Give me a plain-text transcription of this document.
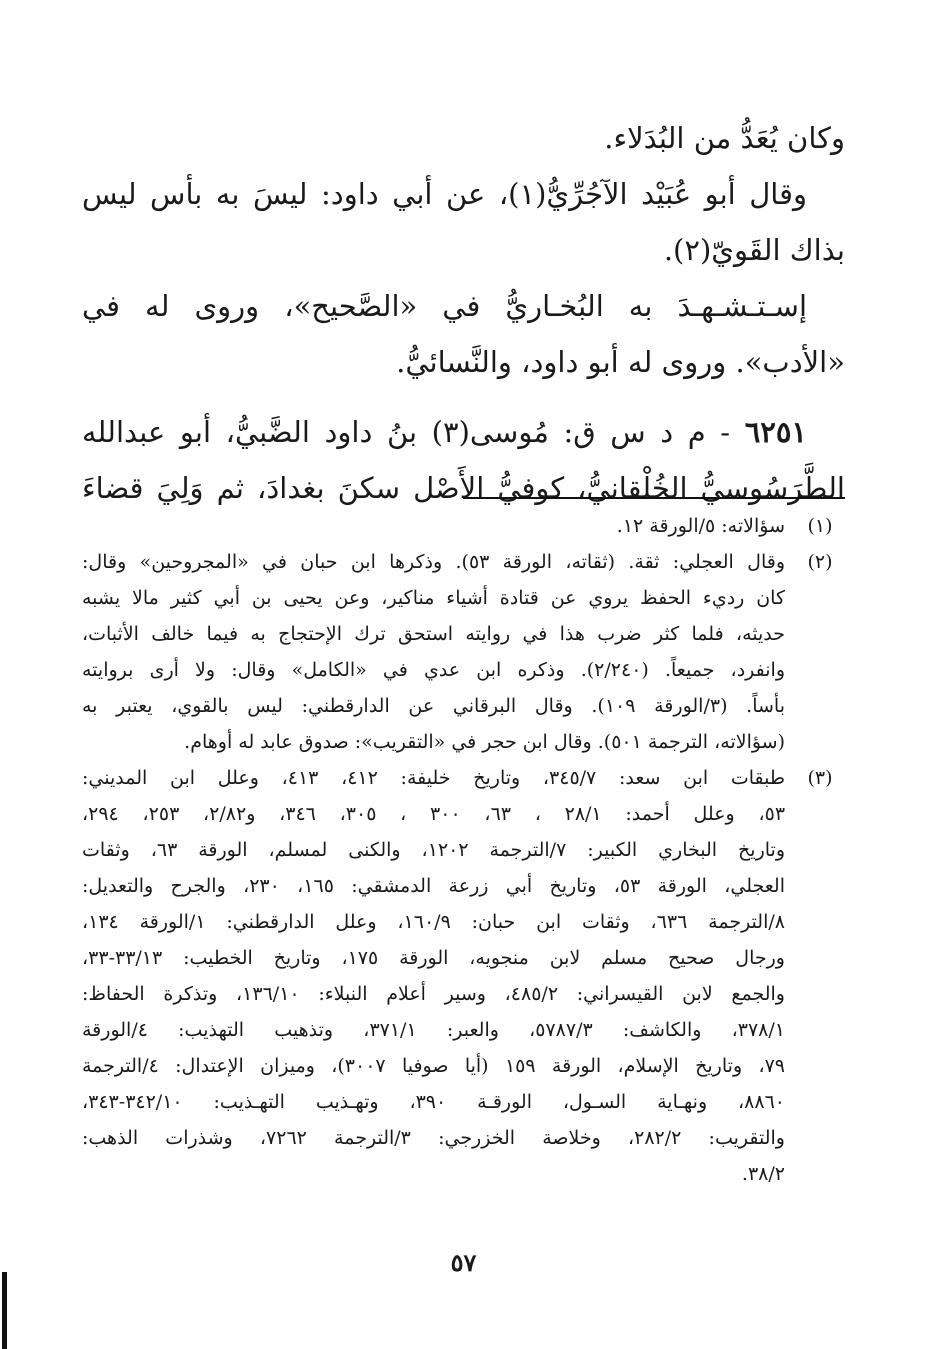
وكان يُعَدُّ من البُدَلاء.
وقال أبو عُبَيْد الآجُرِّيُّ(١)، عن أبي داود: ليسَ به بأس ليس
بذاك القَويّ(٢).
إسـتـشـهـدَ به البُخـاريُّ في «الصَّحيح»، وروى له في
«الأدب». وروى له أبو داود، والنَّسائيُّ.
٦٢٥١ - م د س ق: مُوسى(٣) بنُ داود الضَّبيُّ، أبو عبدالله
الطَّرَسُوسيُّ الخُلْقانيُّ، كوفيُّ الأَصْل سكنَ بغدادَ، ثم وَلِيَ قضاءَ
(١)
سؤالاته: ٥/الورقة ١٢.
(٢)
وقال العجلي: ثقة. (ثقاته، الورقة ٥٣). وذكرها ابن حبان في «المجروحين» وقال:
كان رديء الحفظ يروي عن قتادة أشياء مناكير، وعن يحيى بن أبي كثير مالا يشبه
حديثه، فلما كثر ضرب هذا في روايته استحق ترك الإحتجاج به فيما خالف الأثبات،
وانفرد، جميعاً. (٢/٢٤٠). وذكره ابن عدي في «الكامل» وقال: ولا أرى بروايته
بأساً. (٣/الورقة ١٠٩). وقال البرقاني عن الدارقطني: ليس بالقوي، يعتبر به
(سؤالاته، الترجمة ٥٠١). وقال ابن حجر في «التقريب»: صدوق عابد له أوهام.
(٣)
طبقات ابن سعد: ٣٤٥/٧، وتاريخ خليفة: ٤١٢، ٤١٣، وعلل ابن المديني:
٥٣، وعلل أحمد: ٢٨/١ ، ٦٣، ٣٠٠ ، ٣٠٥، ٣٤٦، و٢/٨٢، ٢٥٣، ٢٩٤،
وتاريخ البخاري الكبير: ٧/الترجمة ١٢٠٢، والكنى لمسلم، الورقة ٦٣، وثقات
العجلي، الورقة ٥٣، وتاريخ أبي زرعة الدمشقي: ١٦٥، ٢٣٠، والجرح والتعديل:
٨/الترجمة ٦٣٦، وثقات ابن حبان: ١٦٠/٩، وعلل الدارقطني: ١/الورقة ١٣٤،
ورجال صحيح مسلم لابن منجويه، الورقة ١٧٥، وتاريخ الخطيب: ٣٣/١٣-٣٣،
والجمع لابن القيسراني: ٤٨٥/٢، وسير أعلام النبلاء: ١٣٦/١٠، وتذكرة الحفاظ:
٣٧٨/١، والكاشف: ٥٧٨٧/٣، والعبر: ٣٧١/١، وتذهيب التهذيب: ٤/الورقة
٧٩، وتاريخ الإسلام، الورقة ١٥٩ (أيا صوفيا ٣٠٠٧)، وميزان الإعتدال: ٤/الترجمة
٨٨٦٠، ونهـاية السـول، الورقـة ٣٩٠، وتهـذيب التهـذيب: ٣٤٢/١٠-٣٤٣،
والتقريب: ٢٨٢/٢، وخلاصة الخزرجي: ٣/الترجمة ٧٢٦٢، وشذرات الذهب:
٣٨/٢.
٥٧
